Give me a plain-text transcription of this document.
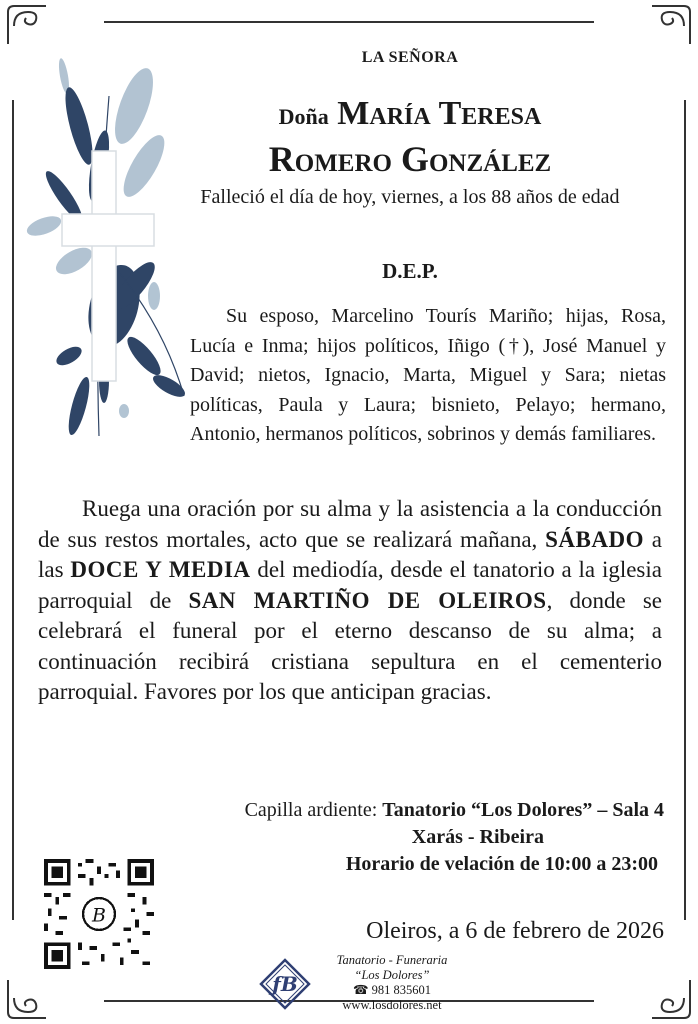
LA SEÑORA
Doña María Teresa
Romero González
Falleció el día de hoy, viernes, a los 88 años de edad
D.E.P.
Su esposo, Marcelino Tourís Mariño; hijas, Rosa, Lucía e Inma; hijos políticos, Iñigo (†), José Manuel y David; nietos, Ignacio, Marta, Miguel y Sara; nietas políticas, Paula y Laura; bisnieto, Pelayo; hermano, Antonio, hermanos políticos, sobrinos y demás familiares.
Ruega una oración por su alma y la asistencia a la conducción de sus restos mortales, acto que se realizará mañana, SÁBADO a las DOCE Y MEDIA del mediodía, desde el tanatorio a la iglesia parroquial de SAN MARTIÑO DE OLEIROS, donde se celebrará el funeral por el eterno descanso de su alma; a continuación recibirá cristiana sepultura en el cementerio parroquial. Favores por los que anticipan gracias.
Capilla ardiente: Tanatorio “Los Dolores” – Sala 4
Xarás - Ribeira
Horario de velación de 10:00 a 23:00
B
Oleiros, a 6 de febrero de 2026
ƒB
Tanatorio - Funeraria
“Los Dolores”
☎ 981 835601
www.losdolores.net
